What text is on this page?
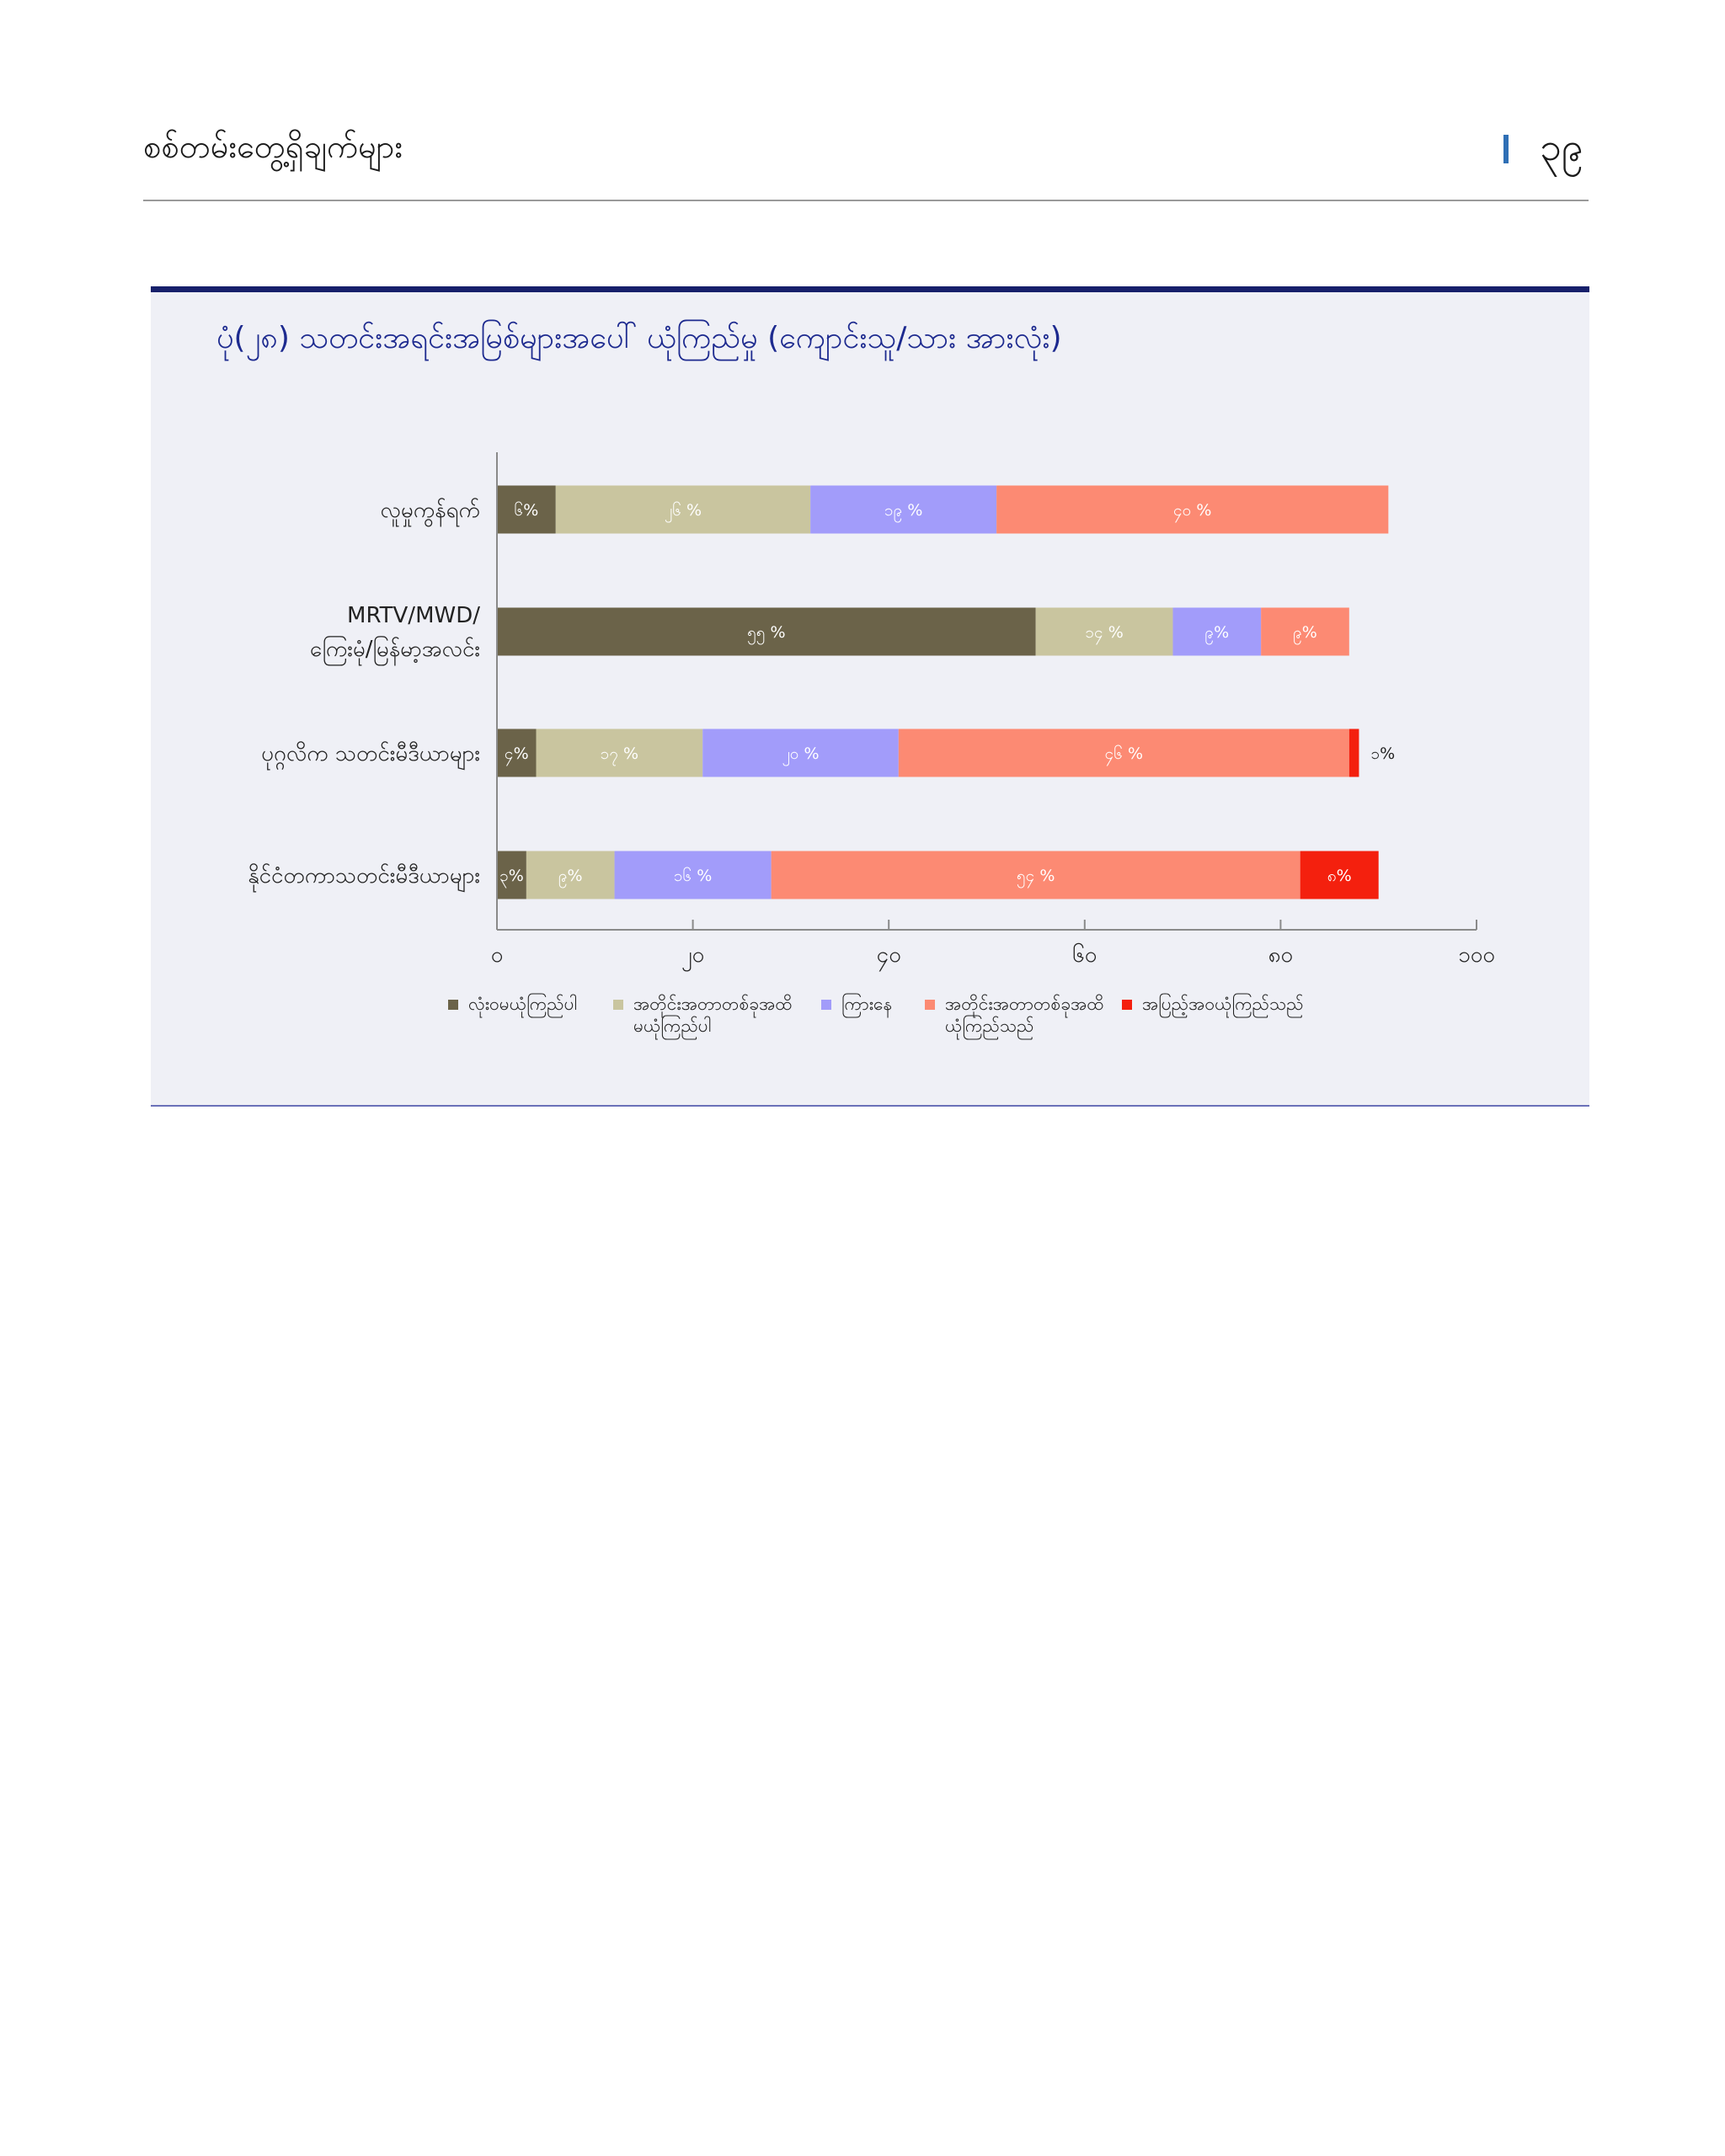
စစ်တမ်းတွေ့ရှိချက်များ	၃၉
ပုံ(၂၈) သတင်းအရင်းအမြစ်များအပေါ် ယုံကြည်မှု (ကျောင်းသူ/သား အားလုံး)
လူမှုကွန်ရက် ၆%	၂၆ %	၁၉ %	၄၀ %
MRTV/MWD/ကြေးမုံ/မြန်မာ့အလင်း
၅၅ %	၁၄ %	၉%	၉%
ပုဂ္ဂလိက သတင်းမီဒီယာများ ၄%	၁၇ %	၂၀ %	၄၆ %	၁%
နိုင်ငံတကာသတင်းမီဒီယာများ ၃% ၉%	၁၆ %	၅၄ %	၈%
၀	၂၀	၄၀	၆၀	၈၀	၁၀၀
လုံးဝမယုံကြည်ပါ	အတိုင်းအတာတစ်ခုအထိ မယုံကြည်ပါ
ကြားနေ	အတိုင်းအတာတစ်ခုအထိ ယုံကြည်သည်
အပြည့်အဝယုံကြည်သည်
